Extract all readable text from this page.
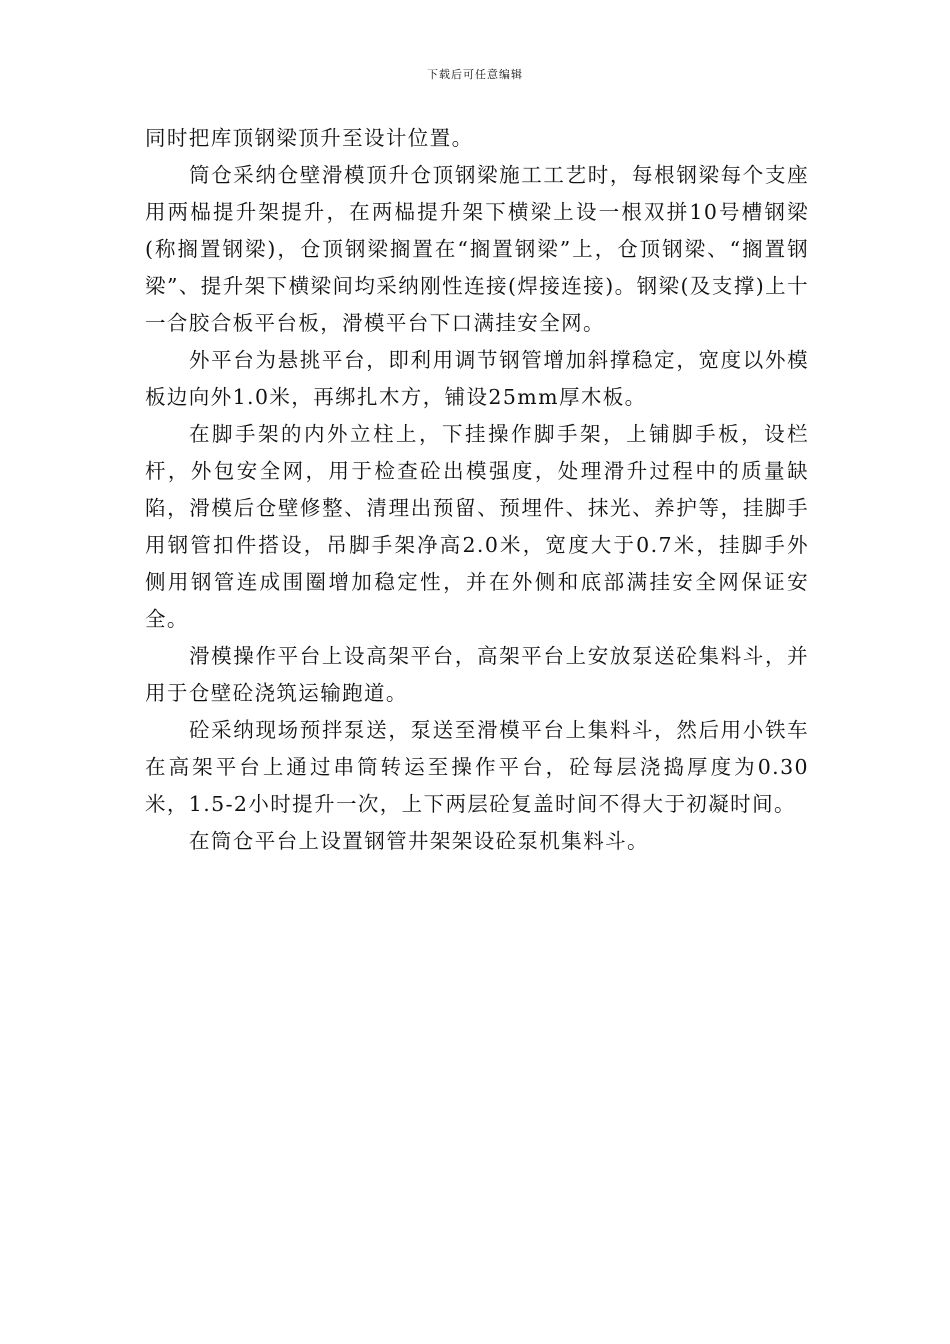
下载后可任意编辑

同时把库顶钢梁顶升至设计位置。

筒仓采纳仓壁滑模顶升仓顶钢梁施工工艺时，每根钢梁每个支座用两榀提升架提升，在两榀提升架下横梁上设一根双拼10号槽钢梁(称搁置钢梁)，仓顶钢梁搁置在“搁置钢梁”上，仓顶钢梁、“搁置钢梁”、提升架下横梁间均采纳刚性连接(焊接连接)。钢梁(及支撑)上十一合胶合板平台板，滑模平台下口满挂安全网。

外平台为悬挑平台，即利用调节钢管增加斜撑稳定，宽度以外模板边向外1.0米，再绑扎木方，铺设25mm厚木板。

在脚手架的内外立柱上，下挂操作脚手架，上铺脚手板，设栏杆，外包安全网，用于检查砼出模强度，处理滑升过程中的质量缺陷，滑模后仓壁修整、清理出预留、预埋件、抹光、养护等，挂脚手用钢管扣件搭设，吊脚手架净高2.0米，宽度大于0.7米，挂脚手外侧用钢管连成围圈增加稳定性，并在外侧和底部满挂安全网保证安全。

滑模操作平台上设高架平台，高架平台上安放泵送砼集料斗，并用于仓壁砼浇筑运输跑道。

砼采纳现场预拌泵送，泵送至滑模平台上集料斗，然后用小铁车在高架平台上通过串筒转运至操作平台，砼每层浇捣厚度为0.30米，1.5-2小时提升一次，上下两层砼复盖时间不得大于初凝时间。

在筒仓平台上设置钢管井架架设砼泵机集料斗。
